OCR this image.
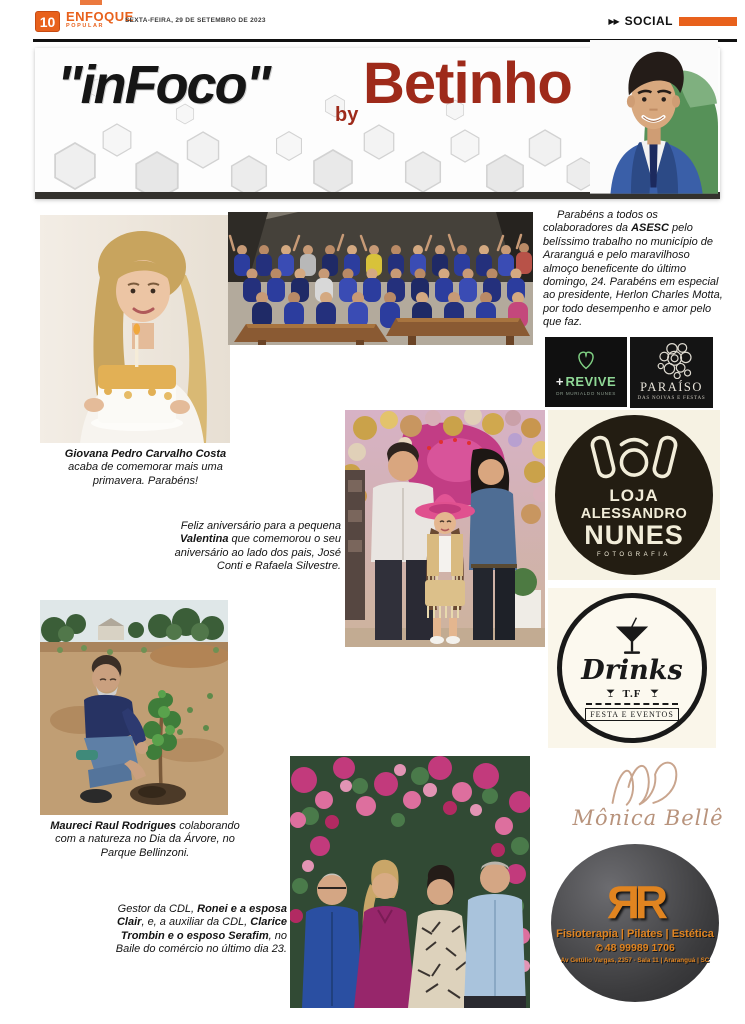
10 ENFOQUE
POPULAR
SEXTA-FEIRA, 29 DE SETEMBRO DE 2023	▶▶ SOCIAL
"inFoco"	by Betinho

Parabéns a todos os colaboradores da ASESC pelo belíssimo trabalho no município de Araranguá e pelo maravilhoso almoço beneficente do último domingo, 24. Parabéns em especial ao presidente, Herlon Charles Motta, por todo desempenho e amor pelo que faz.

Giovana Pedro Carvalho Costa acaba de comemorar mais uma primavera. Parabéns!

Feliz aniversário para a pequena Valentina que comemorou o seu aniversário ao lado dos pais, José Conti e Rafaela Silvestre.

Maureci Raul Rodrigues colaborando com a natureza no Dia da Árvore, no Parque Bellinzoni.

Gestor da CDL, Ronei e a esposa Clair, e, a auxiliar da CDL, Clarice Trombin e o esposo Serafim, no Baile do comércio no último dia 23.

+ REVIVE
DR MURIALDO NUNES PARAÍSO
DAS NOIVAS E FESTAS
LOJA
ALESSANDRO
NUNES
FOTOGRAFIA
Drinks
T.F
FESTA E EVENTOS
Mônica Bellê
ЯR
Fisioterapia | Pilates | Estética
✆ 48 99989 1706
Av Getúlio Vargas, 2357 - Sala 11 | Araranguá | SC
